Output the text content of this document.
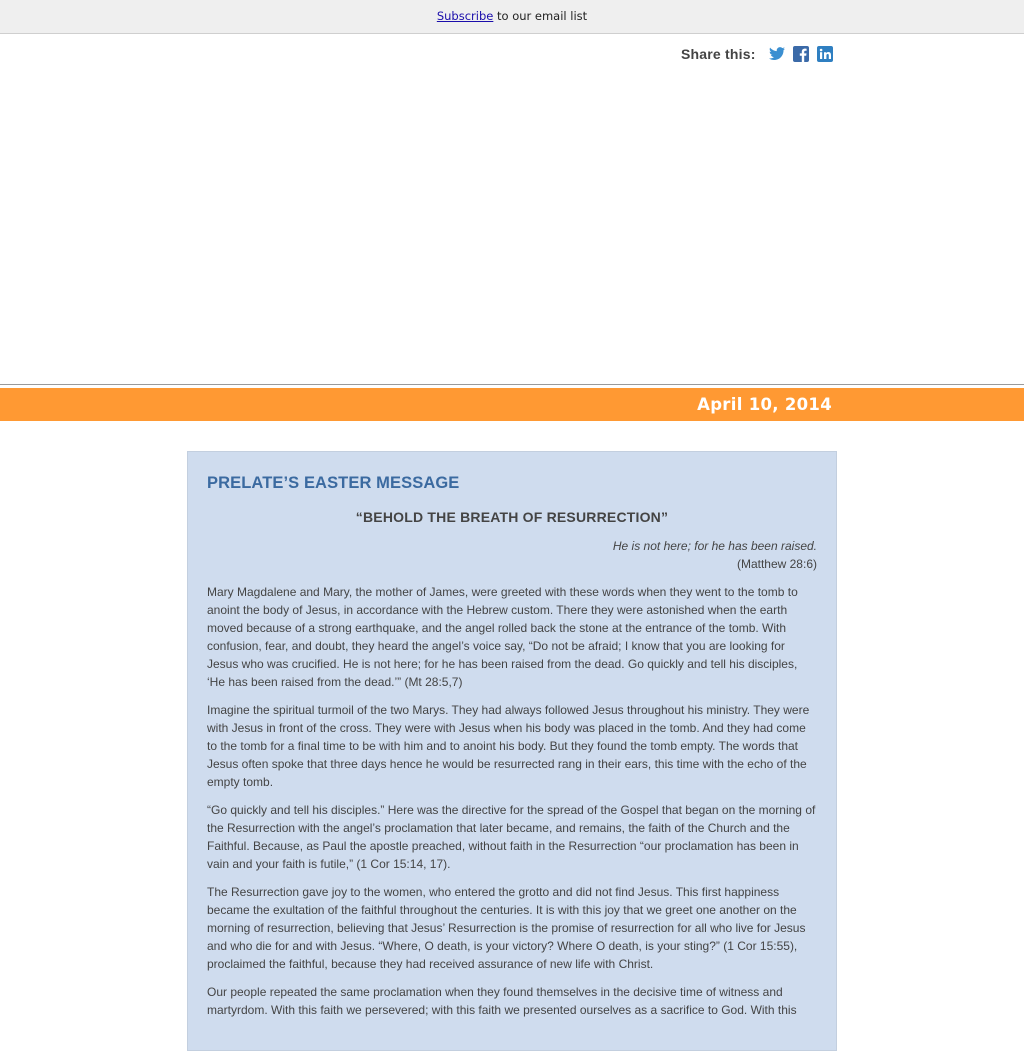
Subscribe to our email list
Share this:
April 10, 2014
PRELATE’S EASTER MESSAGE
“BEHOLD THE BREATH OF RESURRECTION”
He is not here; for he has been raised.
(Matthew 28:6)

Mary Magdalene and Mary, the mother of James, were greeted with these words when they went to the tomb to anoint the body of Jesus, in accordance with the Hebrew custom. There they were astonished when the earth moved because of a strong earthquake, and the angel rolled back the stone at the entrance of the tomb. With confusion, fear, and doubt, they heard the angel’s voice say, “Do not be afraid; I know that you are looking for Jesus who was crucified. He is not here; for he has been raised from the dead. Go quickly and tell his disciples, ‘He has been raised from the dead.’” (Mt 28:5,7)

Imagine the spiritual turmoil of the two Marys. They had always followed Jesus throughout his ministry. They were with Jesus in front of the cross. They were with Jesus when his body was placed in the tomb. And they had come to the tomb for a final time to be with him and to anoint his body. But they found the tomb empty. The words that Jesus often spoke that three days hence he would be resurrected rang in their ears, this time with the echo of the empty tomb.

“Go quickly and tell his disciples.” Here was the directive for the spread of the Gospel that began on the morning of the Resurrection with the angel’s proclamation that later became, and remains, the faith of the Church and the Faithful. Because, as Paul the apostle preached, without faith in the Resurrection “our proclamation has been in vain and your faith is futile,” (1 Cor 15:14, 17).

The Resurrection gave joy to the women, who entered the grotto and did not find Jesus. This first happiness became the exultation of the faithful throughout the centuries. It is with this joy that we greet one another on the morning of resurrection, believing that Jesus’ Resurrection is the promise of resurrection for all who live for Jesus and who die for and with Jesus. “Where, O death, is your victory? Where O death, is your sting?” (1 Cor 15:55), proclaimed the faithful, because they had received assurance of new life with Christ.

Our people repeated the same proclamation when they found themselves in the decisive time of witness and martyrdom. With this faith we persevered; with this faith we presented ourselves as a sacrifice to God. With this
